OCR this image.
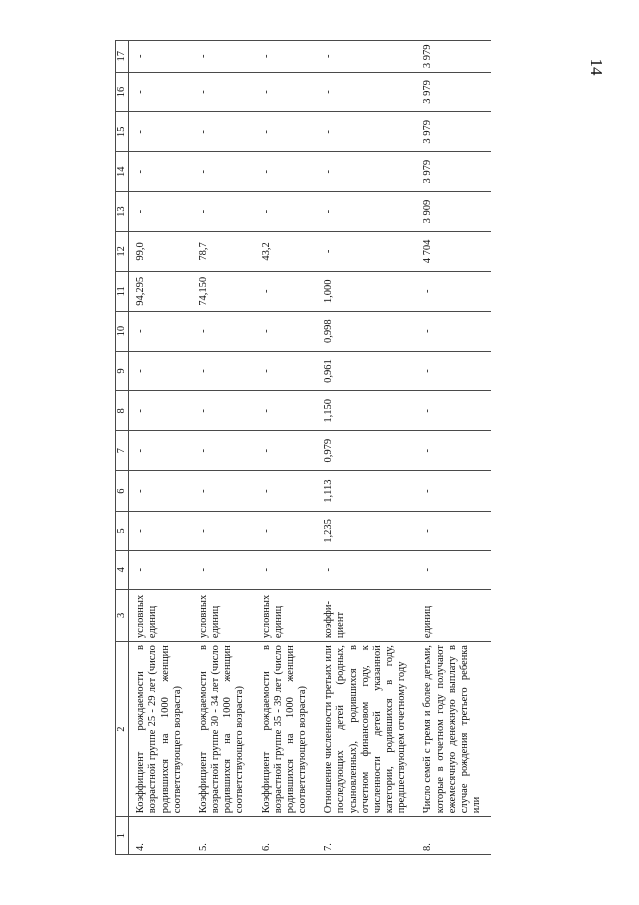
14
1	2	3	4	5	6	7	8	9	10	11	12	13	14	15	16	17

4.	Коэффициент рождаемости в возрастной группе 25 - 29 лет (число родившихся на 1000 женщин соответствующего возраста)	условных единиц	-	-	-	-	-	-	-	94,295	99,0	-	-	-	-	-

5.	Коэффициент рождаемости в возрастной группе 30 - 34 лет (число родившихся на 1000 женщин соответствующего возраста)	условных единиц	-	-	-	-	-	-	-	74,150	78,7	-	-	-	-	-

6.	Коэффициент рождаемости в возрастной группе 35 - 39 лет (число родившихся на 1000 женщин соответствующего возраста)	условных единиц	-	-	-	-	-	-	-	-	43,2	-	-	-	-	-

7.	Отношение численности третьих или последующих детей (родных, усыновленных), родившихся в отчетном финансовом году, к численности детей указанной категории, родившихся в году, предшествующем отчетному году	коэффи-циент	-	1,235	1,113	0,979	1,150	0,961	0,998	1,000	-	-	-	-	-	-

8.	Число семей с тремя и более детьми, которые в отчетном году получают ежемесячную денежную выплату в случае рождения третьего ребенка или	единиц	-	-	-	-	-	-	-	-	4 704	3 909	3 979	3 979	3 979	3 979
